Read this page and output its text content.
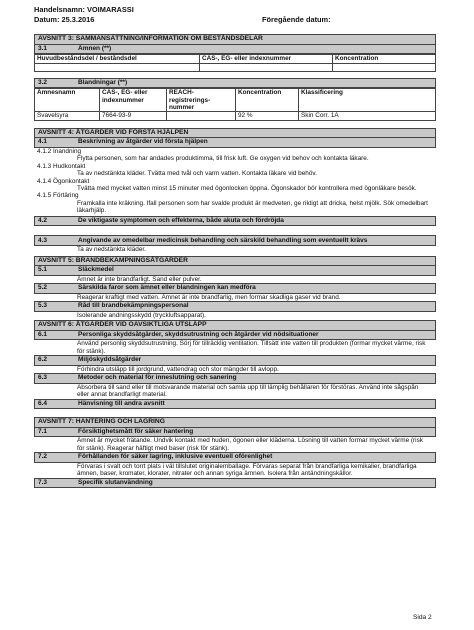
Handelsnamn: VOIMARASSI
Datum: 25.3.2016	Föregående datum:
AVSNITT 3: SAMMANSÄTTNING/INFORMATION OM BESTÅNDSDELAR
3.1	Ämnen (**)
Huvudbeståndsdel / beståndsdel	CAS-, EG- eller indexnummer	Koncentration

3.2	Blandningar (**)
Ämnesnamn	CAS-, EG- eller indexnummer	REACH-registrerings-nummer	Koncentration	Klassificering
Svavelsyra	7664-93-9		92 %	Skin Corr. 1A
AVSNITT 4: ÅTGÄRDER VID FÖRSTA HJÄLPEN
4.1	Beskrivning av åtgärder vid första hjälpen
4.1.2 Inandning
Flytta personen, som har andades produktimma, till frisk luft. Ge oxygen vid behov och kontakta läkare.
4.1.3 Hudkontakt
Ta av nedstänkta kläder. Tvätta med tvål och varm vatten. Kontakta läkare vid behöv.
4.1.4 Ögonkontakt
Tvätta med mycket vatten minst 15 minuter med ögonlocken öppna. Ögonskador bör kontrollera med ögonläkare besök.
4.1.5 Förtäring
Framkalla inte kräkning. Ifall personen som har svalde produkt är medveten, ge riktigt att dricka, helst mjölk. Sök omedelbart läkarhjälp.
4.2	De viktigaste symptomen och effekterna, både akuta och fördröjda
4.3	Angivande av omedelbar medicinsk behandling och särskild behandling som eventuellt krävs
Ta av nedstänkta kläder.
AVSNITT 5: BRANDBEKÄMPNINGSÅTGÄRDER
5.1	Släckmedel
Ämnet är inte brandfarligt. Sand eller pulver.
5.2	Särskilda faror som ämnet eller blandningen kan medföra
Reagerar kraftigt med vatten. Ämnet är inte brandfarlig, men formar skadliga gaser vid brand.
5.3	Råd till brandbekämpningspersonal
Isolerande andningsskydd (tryckluftsapparat).
AVSNITT 6: ÅTGÄRDER VID OAVSIKTLIGA UTSLÄPP
6.1	Personliga skyddsåtgärder, skyddsutrustning och åtgärder vid nödsituationer
Använd personlig skyddsutrustning. Sörj för tillräcklig ventilation. Tillsätt inte vatten till produkten (formar mycket värme, risk för stänk).
6.2	Miljöskyddsåtgärder
Förhindra utsläpp till jordgrund, vattendrag och stor mängder till avlopp.
6.3	Metoder och material för inneslutning och sanering
Absorbera till sand eller till motsvarande material och samla upp till lämplig behållaren för förstöras. Använd inte sågspån eller annat brandfarligt material.
6.4	Hänvisning till andra avsnitt
AVSNITT 7: HANTERING OCH LAGRING
7.1	Försiktighetsmått för säker hantering
Ämnet är mycket frätande. Undvik kontakt med huden, ögonen eller kläderna. Lösning till vatten formar mycket värme (risk för stänk). Reagerar häftigt med baser (risk för stänk).
7.2	Förhållanden för säker lagring, inklusive eventuell oförenlighet
Förvaras i svalt och torrt plats i väl tillslutet originalemballage. Förvaras separat från brandfarliga kemikalier, brandfarliga ämnen, baser, kromater, klorater, nitrater och annan syriga ämnen. Isolera från antändningskällor.
7.3	Specifik slutanvändning
Sida 2
